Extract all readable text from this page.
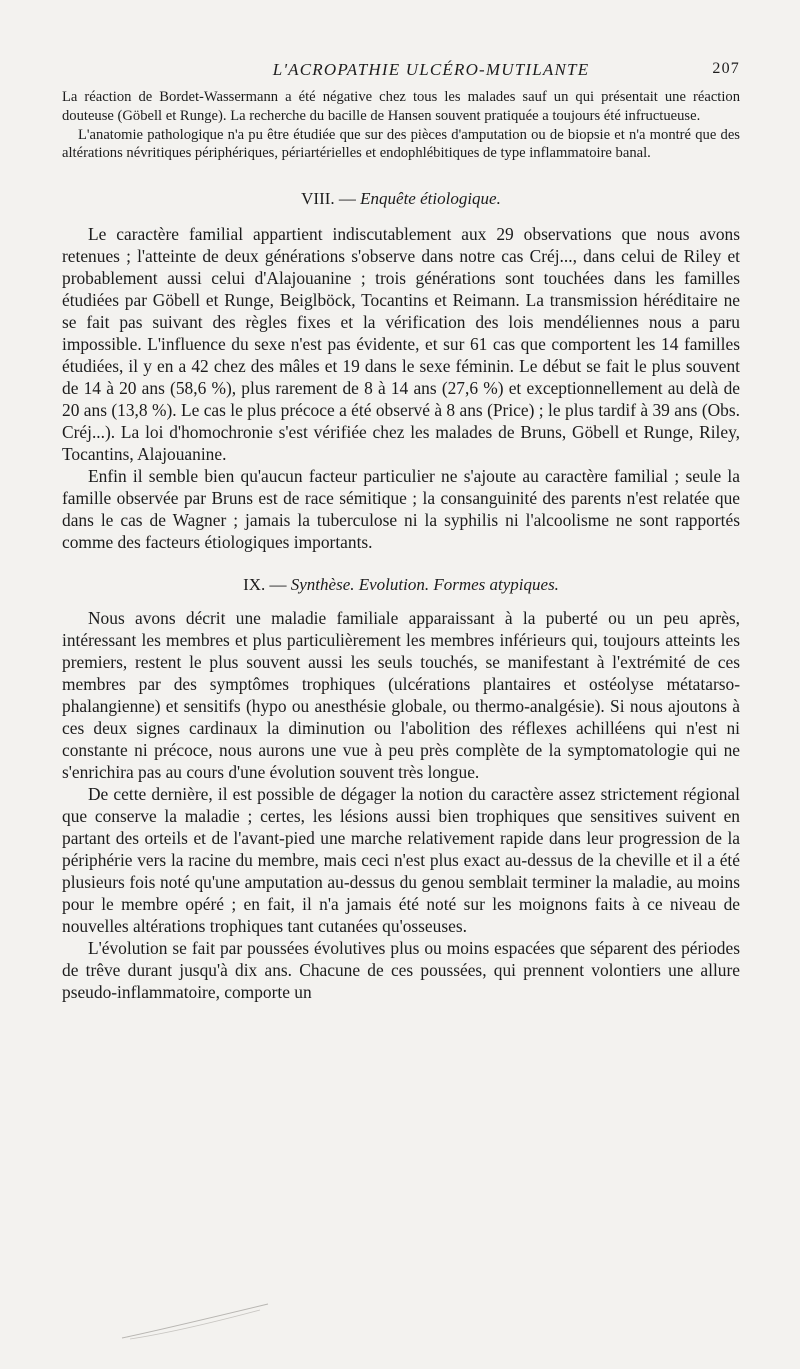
L'ACROPATHIE ULCÉRO-MUTILANTE	207

La réaction de Bordet-Wassermann a été négative chez tous les malades sauf un qui présentait une réaction douteuse (Göbell et Runge). La recherche du bacille de Hansen souvent pratiquée a toujours été infructueuse.

L'anatomie pathologique n'a pu être étudiée que sur des pièces d'amputation ou de biopsie et n'a montré que des altérations névritiques périphériques, périartérielles et endophlébitiques de type inflammatoire banal.

VIII. — Enquête étiologique.

Le caractère familial appartient indiscutablement aux 29 observations que nous avons retenues ; l'atteinte de deux générations s'observe dans notre cas Créj..., dans celui de Riley et probablement aussi celui d'Alajouanine ; trois générations sont touchées dans les familles étudiées par Göbell et Runge, Beiglböck, Tocantins et Reimann. La transmission héréditaire ne se fait pas suivant des règles fixes et la vérification des lois mendéliennes nous a paru impossible. L'influence du sexe n'est pas évidente, et sur 61 cas que comportent les 14 familles étudiées, il y en a 42 chez des mâles et 19 dans le sexe féminin. Le début se fait le plus souvent de 14 à 20 ans (58,6 %), plus rarement de 8 à 14 ans (27,6 %) et exceptionnellement au delà de 20 ans (13,8 %). Le cas le plus précoce a été observé à 8 ans (Price) ; le plus tardif à 39 ans (Obs. Créj...). La loi d'homochronie s'est vérifiée chez les malades de Bruns, Göbell et Runge, Riley, Tocantins, Alajouanine.

Enfin il semble bien qu'aucun facteur particulier ne s'ajoute au caractère familial ; seule la famille observée par Bruns est de race sémitique ; la consanguinité des parents n'est relatée que dans le cas de Wagner ; jamais la tuberculose ni la syphilis ni l'alcoolisme ne sont rapportés comme des facteurs étiologiques importants.

IX. — Synthèse. Evolution. Formes atypiques.

Nous avons décrit une maladie familiale apparaissant à la puberté ou un peu après, intéressant les membres et plus particulièrement les membres inférieurs qui, toujours atteints les premiers, restent le plus souvent aussi les seuls touchés, se manifestant à l'extrémité de ces membres par des symptômes trophiques (ulcérations plantaires et ostéolyse métatarso-phalangienne) et sensitifs (hypo ou anesthésie globale, ou thermo-analgésie). Si nous ajoutons à ces deux signes cardinaux la diminution ou l'abolition des réflexes achilléens qui n'est ni constante ni précoce, nous aurons une vue à peu près complète de la symptomatologie qui ne s'enrichira pas au cours d'une évolution souvent très longue.

De cette dernière, il est possible de dégager la notion du caractère assez strictement régional que conserve la maladie ; certes, les lésions aussi bien trophiques que sensitives suivent en partant des orteils et de l'avant-pied une marche relativement rapide dans leur progression de la périphérie vers la racine du membre, mais ceci n'est plus exact au-dessus de la cheville et il a été plusieurs fois noté qu'une amputation au-dessus du genou semblait terminer la maladie, au moins pour le membre opéré ; en fait, il n'a jamais été noté sur les moignons faits à ce niveau de nouvelles altérations trophiques tant cutanées qu'osseuses.

L'évolution se fait par poussées évolutives plus ou moins espacées que séparent des périodes de trêve durant jusqu'à dix ans. Chacune de ces poussées, qui prennent volontiers une allure pseudo-inflammatoire, comporte un
